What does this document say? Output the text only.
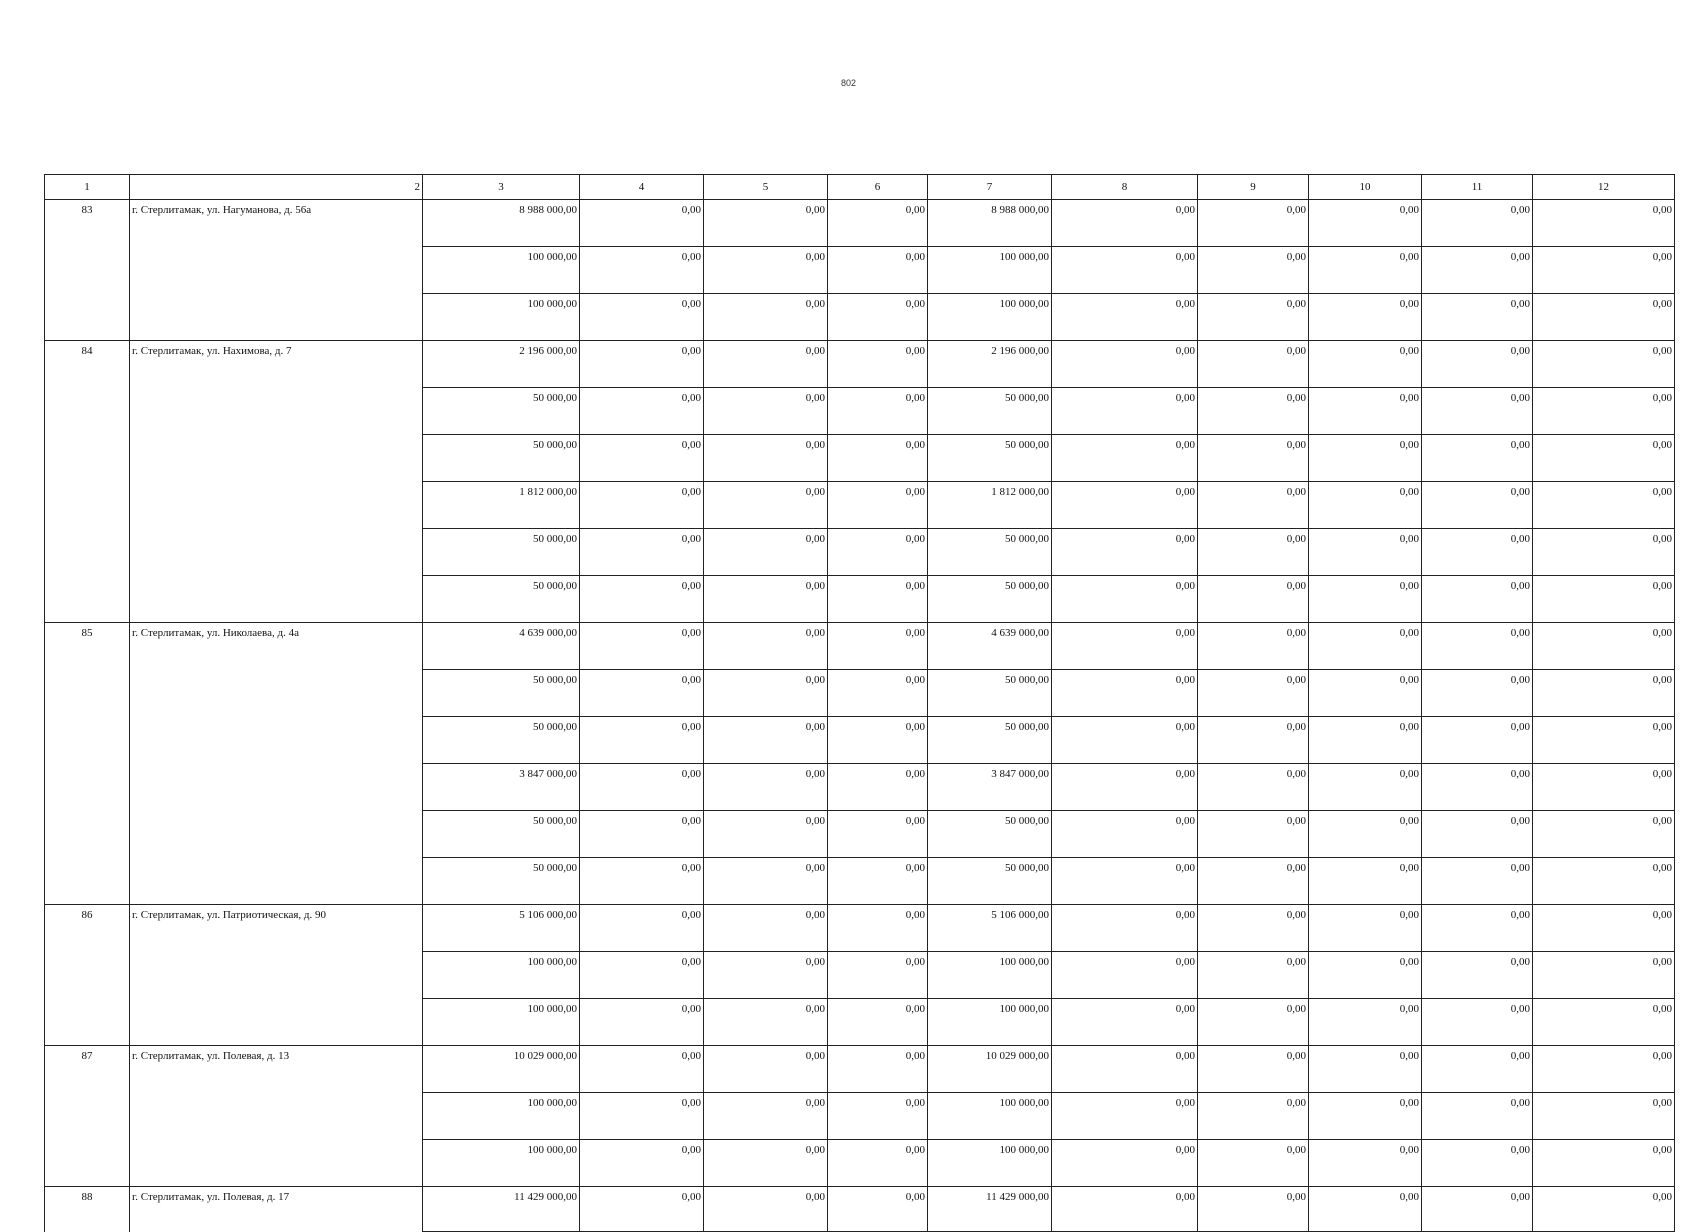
802
1	2	3	4	5	6	7	8	9	10	11	12
83	г. Стерлитамак, ул. Нагуманова, д. 56а	8 988 000,00	0,00	0,00	0,00	8 988 000,00	0,00	0,00	0,00	0,00	0,00
		100 000,00	0,00	0,00	0,00	100 000,00	0,00	0,00	0,00	0,00	0,00
		100 000,00	0,00	0,00	0,00	100 000,00	0,00	0,00	0,00	0,00	0,00
84	г. Стерлитамак, ул. Нахимова, д. 7	2 196 000,00	0,00	0,00	0,00	2 196 000,00	0,00	0,00	0,00	0,00	0,00
		50 000,00	0,00	0,00	0,00	50 000,00	0,00	0,00	0,00	0,00	0,00
		50 000,00	0,00	0,00	0,00	50 000,00	0,00	0,00	0,00	0,00	0,00
		1 812 000,00	0,00	0,00	0,00	1 812 000,00	0,00	0,00	0,00	0,00	0,00
		50 000,00	0,00	0,00	0,00	50 000,00	0,00	0,00	0,00	0,00	0,00
		50 000,00	0,00	0,00	0,00	50 000,00	0,00	0,00	0,00	0,00	0,00
85	г. Стерлитамак, ул. Николаева, д. 4а	4 639 000,00	0,00	0,00	0,00	4 639 000,00	0,00	0,00	0,00	0,00	0,00
		50 000,00	0,00	0,00	0,00	50 000,00	0,00	0,00	0,00	0,00	0,00
		50 000,00	0,00	0,00	0,00	50 000,00	0,00	0,00	0,00	0,00	0,00
		3 847 000,00	0,00	0,00	0,00	3 847 000,00	0,00	0,00	0,00	0,00	0,00
		50 000,00	0,00	0,00	0,00	50 000,00	0,00	0,00	0,00	0,00	0,00
		50 000,00	0,00	0,00	0,00	50 000,00	0,00	0,00	0,00	0,00	0,00
86	г. Стерлитамак, ул. Патриотическая, д. 90	5 106 000,00	0,00	0,00	0,00	5 106 000,00	0,00	0,00	0,00	0,00	0,00
		100 000,00	0,00	0,00	0,00	100 000,00	0,00	0,00	0,00	0,00	0,00
		100 000,00	0,00	0,00	0,00	100 000,00	0,00	0,00	0,00	0,00	0,00
87	г. Стерлитамак, ул. Полевая, д. 13	10 029 000,00	0,00	0,00	0,00	10 029 000,00	0,00	0,00	0,00	0,00	0,00
		100 000,00	0,00	0,00	0,00	100 000,00	0,00	0,00	0,00	0,00	0,00
		100 000,00	0,00	0,00	0,00	100 000,00	0,00	0,00	0,00	0,00	0,00
88	г. Стерлитамак, ул. Полевая, д. 17	11 429 000,00	0,00	0,00	0,00	11 429 000,00	0,00	0,00	0,00	0,00	0,00
